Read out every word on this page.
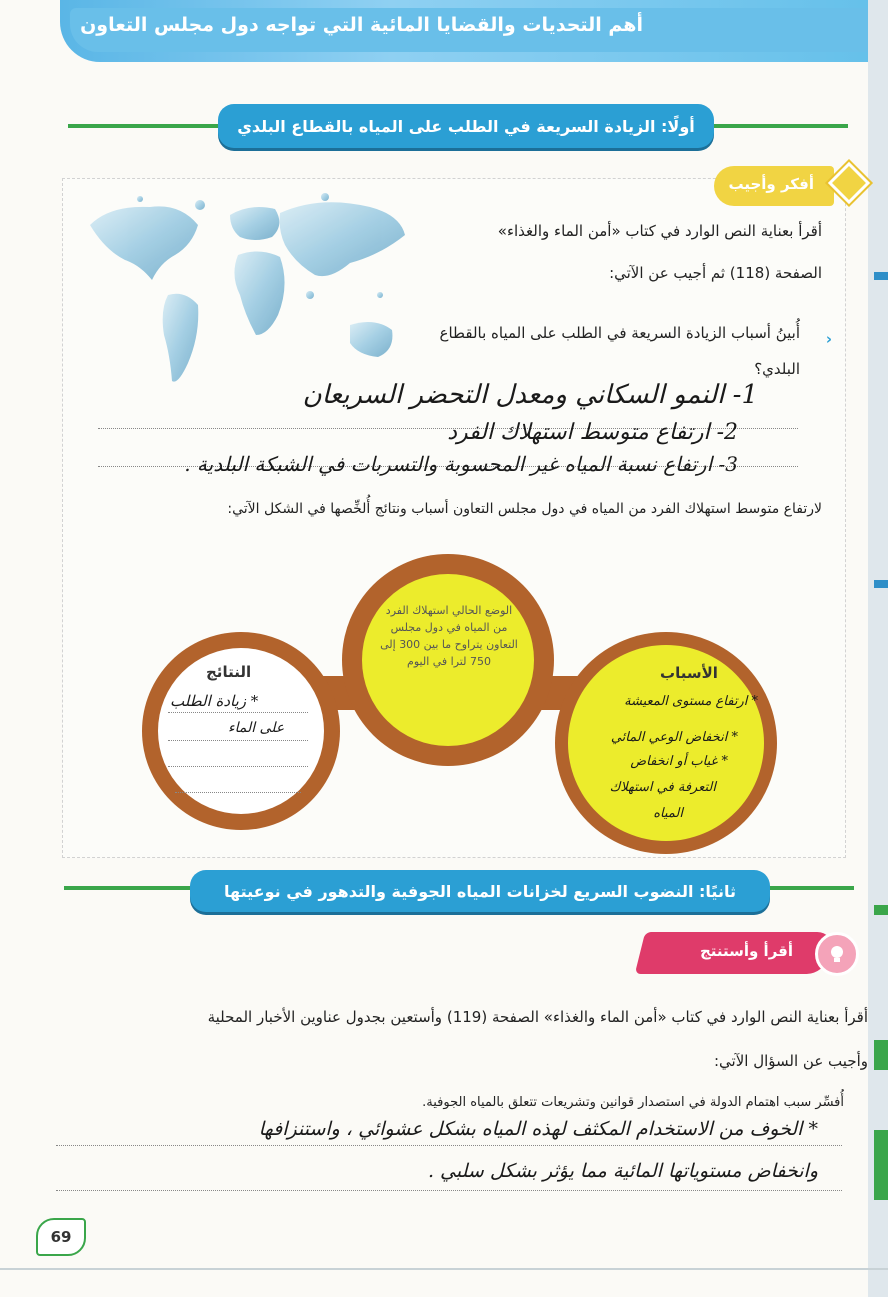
أهم التحديات والقضايا المائية التي تواجه دول مجلس التعاون
أولًا: الزيادة السريعة في الطلب على المياه بالقطاع البلدي
أفكر وأجيب
أقرأ بعناية النص الوارد في كتاب «أمن الماء والغذاء»
الصفحة (118) ثم أجيب عن الآتي:
‹
أُبينُ أسباب الزيادة السريعة في الطلب على المياه بالقطاع
البلدي؟
1- النمو السكاني ومعدل التحضر السريعان
2- ارتفاع متوسط استهلاك الفرد
3- ارتفاع نسبة المياه غير المحسوبة والتسربات في الشبكة البلدية .
لارتفاع متوسط استهلاك الفرد من المياه في دول مجلس التعاون أسباب ونتائج أُلخِّصها في الشكل الآتي:
النتائج
* زيادة الطلب
على الماء
الوضع الحالي استهلاك الفرد من المياه في دول مجلس التعاون يتراوح ما بين 300 إلى 750 لترا في اليوم
الأسباب
* ارتفاع مستوى المعيشة
* انخفاض الوعي المائي
* غياب أو انخفاض
التعرفة في استهلاك
المياه
ثانيًا: النضوب السريع لخزانات المياه الجوفية والتدهور في نوعيتها
أقرأ وأستنتج
أقرأ بعناية النص الوارد في كتاب «أمن الماء والغذاء» الصفحة (119) وأستعين بجدول عناوين الأخبار المحلية
وأجيب عن السؤال الآتي:
أُفسِّر سبب اهتمام الدولة في استصدار قوانين وتشريعات تتعلق بالمياه الجوفية.
* الخوف من الاستخدام المكثف لهذه المياه بشكل عشوائي ، واستنزافها
وانخفاض مستوياتها المائية مما يؤثر بشكل سلبي .
69
